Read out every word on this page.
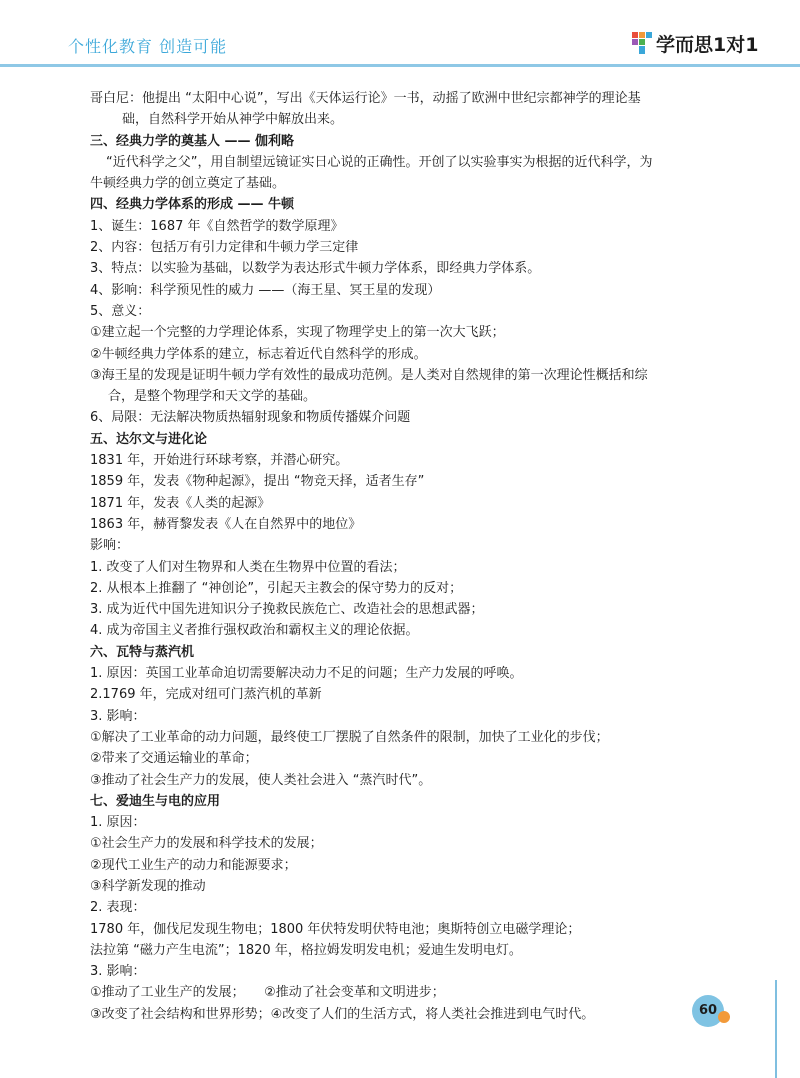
个性化教育 创造可能	学而思1对1
哥白尼：他提出 “太阳中心说”，写出《天体运行论》一书，动摇了欧洲中世纪宗都神学的理论基
础，自然科学开始从神学中解放出来。
三、经典力学的奠基人 —— 伽利略
“近代科学之父”，用自制望远镜证实日心说的正确性。开创了以实验事实为根据的近代科学，为
牛顿经典力学的创立奠定了基础。
四、经典力学体系的形成 —— 牛顿
1、诞生：1687 年《自然哲学的数学原理》
2、内容：包括万有引力定律和牛顿力学三定律
3、特点：以实验为基础，以数学为表达形式牛顿力学体系，即经典力学体系。
4、影响：科学预见性的威力 ——（海王星、冥王星的发现）
5、意义：
①建立起一个完整的力学理论体系，实现了物理学史上的第一次大飞跃；
②牛顿经典力学体系的建立，标志着近代自然科学的形成。
③海王星的发现是证明牛顿力学有效性的最成功范例。是人类对自然规律的第一次理论性概括和综
合，是整个物理学和天文学的基础。
6、局限：无法解决物质热辐射现象和物质传播媒介问题
五、达尔文与进化论
1831 年，开始进行环球考察，并潜心研究。
1859 年，发表《物种起源》，提出 “物竞天择，适者生存”
1871 年，发表《人类的起源》
1863 年，赫胥黎发表《人在自然界中的地位》
影响：
1. 改变了人们对生物界和人类在生物界中位置的看法；
2. 从根本上推翻了 “神创论”，引起天主教会的保守势力的反对；
3. 成为近代中国先进知识分子挽救民族危亡、改造社会的思想武器；
4. 成为帝国主义者推行强权政治和霸权主义的理论依据。
六、瓦特与蒸汽机
1. 原因：英国工业革命迫切需要解决动力不足的问题；生产力发展的呼唤。
2.1769 年，完成对纽可门蒸汽机的革新
3. 影响：
①解决了工业革命的动力问题，最终使工厂摆脱了自然条件的限制，加快了工业化的步伐；
②带来了交通运输业的革命；
③推动了社会生产力的发展，使人类社会进入 “蒸汽时代”。
七、爱迪生与电的应用
1. 原因：
①社会生产力的发展和科学技术的发展；
②现代工业生产的动力和能源要求；
③科学新发现的推动
2. 表现：
1780 年，伽伐尼发现生物电；1800 年伏特发明伏特电池；奥斯特创立电磁学理论；
法拉第 “磁力产生电流”；1820 年，格拉姆发明发电机；爱迪生发明电灯。
3. 影响：
①推动了工业生产的发展；　　②推动了社会变革和文明进步；
③改变了社会结构和世界形势；④改变了人们的生活方式，将人类社会推进到电气时代。	60
